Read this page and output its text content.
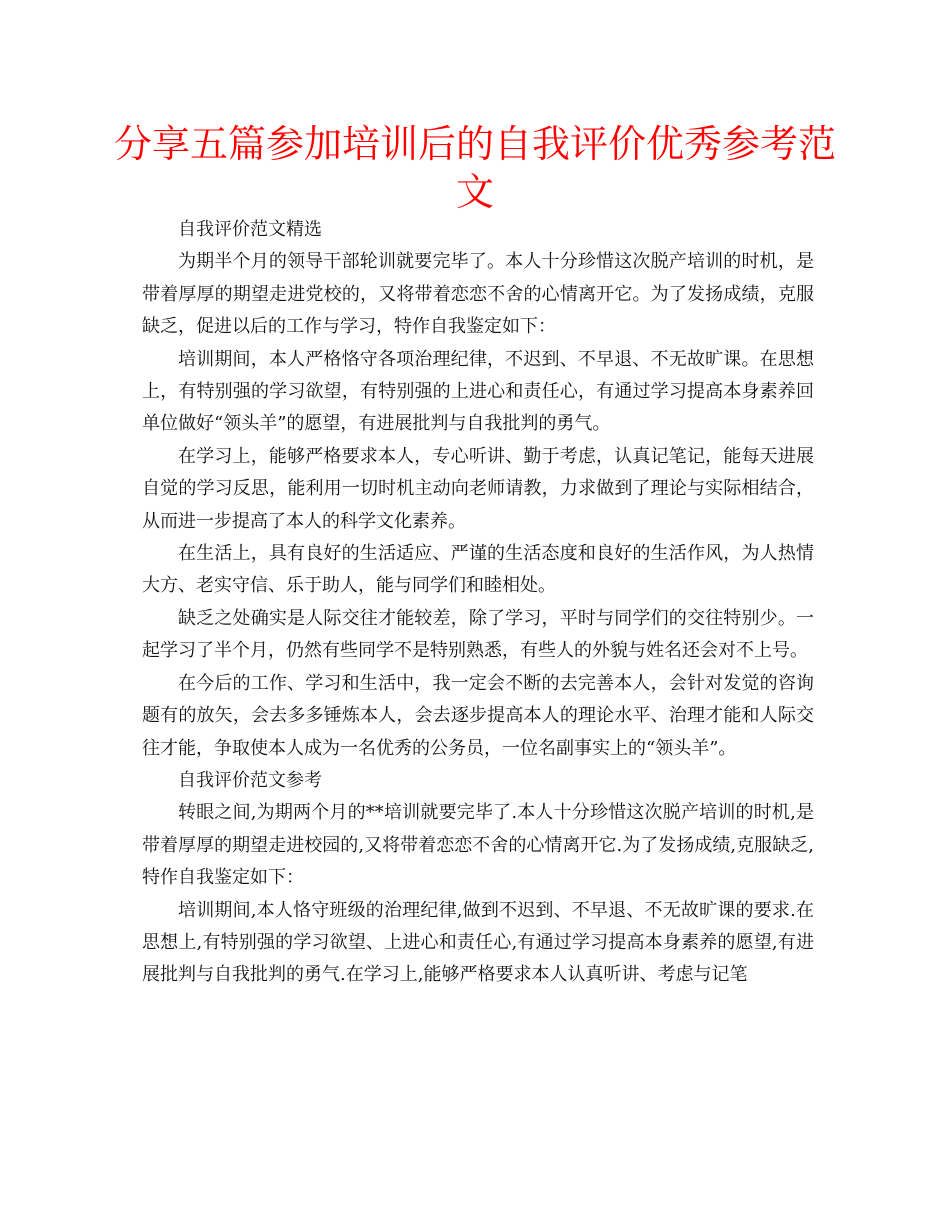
分享五篇参加培训后的自我评价优秀参考范文

自我评价范文精选

为期半个月的领导干部轮训就要完毕了。本人十分珍惜这次脱产培训的时机，是带着厚厚的期望走进党校的，又将带着恋恋不舍的心情离开它。为了发扬成绩，克服缺乏，促进以后的工作与学习，特作自我鉴定如下：

培训期间，本人严格恪守各项治理纪律，不迟到、不早退、不无故旷课。在思想上，有特别强的学习欲望，有特别强的上进心和责任心，有通过学习提高本身素养回单位做好“领头羊”的愿望，有进展批判与自我批判的勇气。

在学习上，能够严格要求本人，专心听讲、勤于考虑，认真记笔记，能每天进展自觉的学习反思，能利用一切时机主动向老师请教，力求做到了理论与实际相结合，从而进一步提高了本人的科学文化素养。

在生活上，具有良好的生活适应、严谨的生活态度和良好的生活作风，为人热情大方、老实守信、乐于助人，能与同学们和睦相处。

缺乏之处确实是人际交往才能较差，除了学习，平时与同学们的交往特别少。一起学习了半个月，仍然有些同学不是特别熟悉，有些人的外貌与姓名还会对不上号。

在今后的工作、学习和生活中，我一定会不断的去完善本人，会针对发觉的咨询题有的放矢，会去多多锤炼本人，会去逐步提高本人的理论水平、治理才能和人际交往才能，争取使本人成为一名优秀的公务员，一位名副事实上的“领头羊”。

自我评价范文参考

转眼之间,为期两个月的**培训就要完毕了.本人十分珍惜这次脱产培训的时机,是带着厚厚的期望走进校园的,又将带着恋恋不舍的心情离开它.为了发扬成绩,克服缺乏,特作自我鉴定如下：

培训期间,本人恪守班级的治理纪律,做到不迟到、不早退、不无故旷课的要求.在思想上,有特别强的学习欲望、上进心和责任心,有通过学习提高本身素养的愿望,有进展批判与自我批判的勇气.在学习上,能够严格要求本人认真听讲、考虑与记笔
